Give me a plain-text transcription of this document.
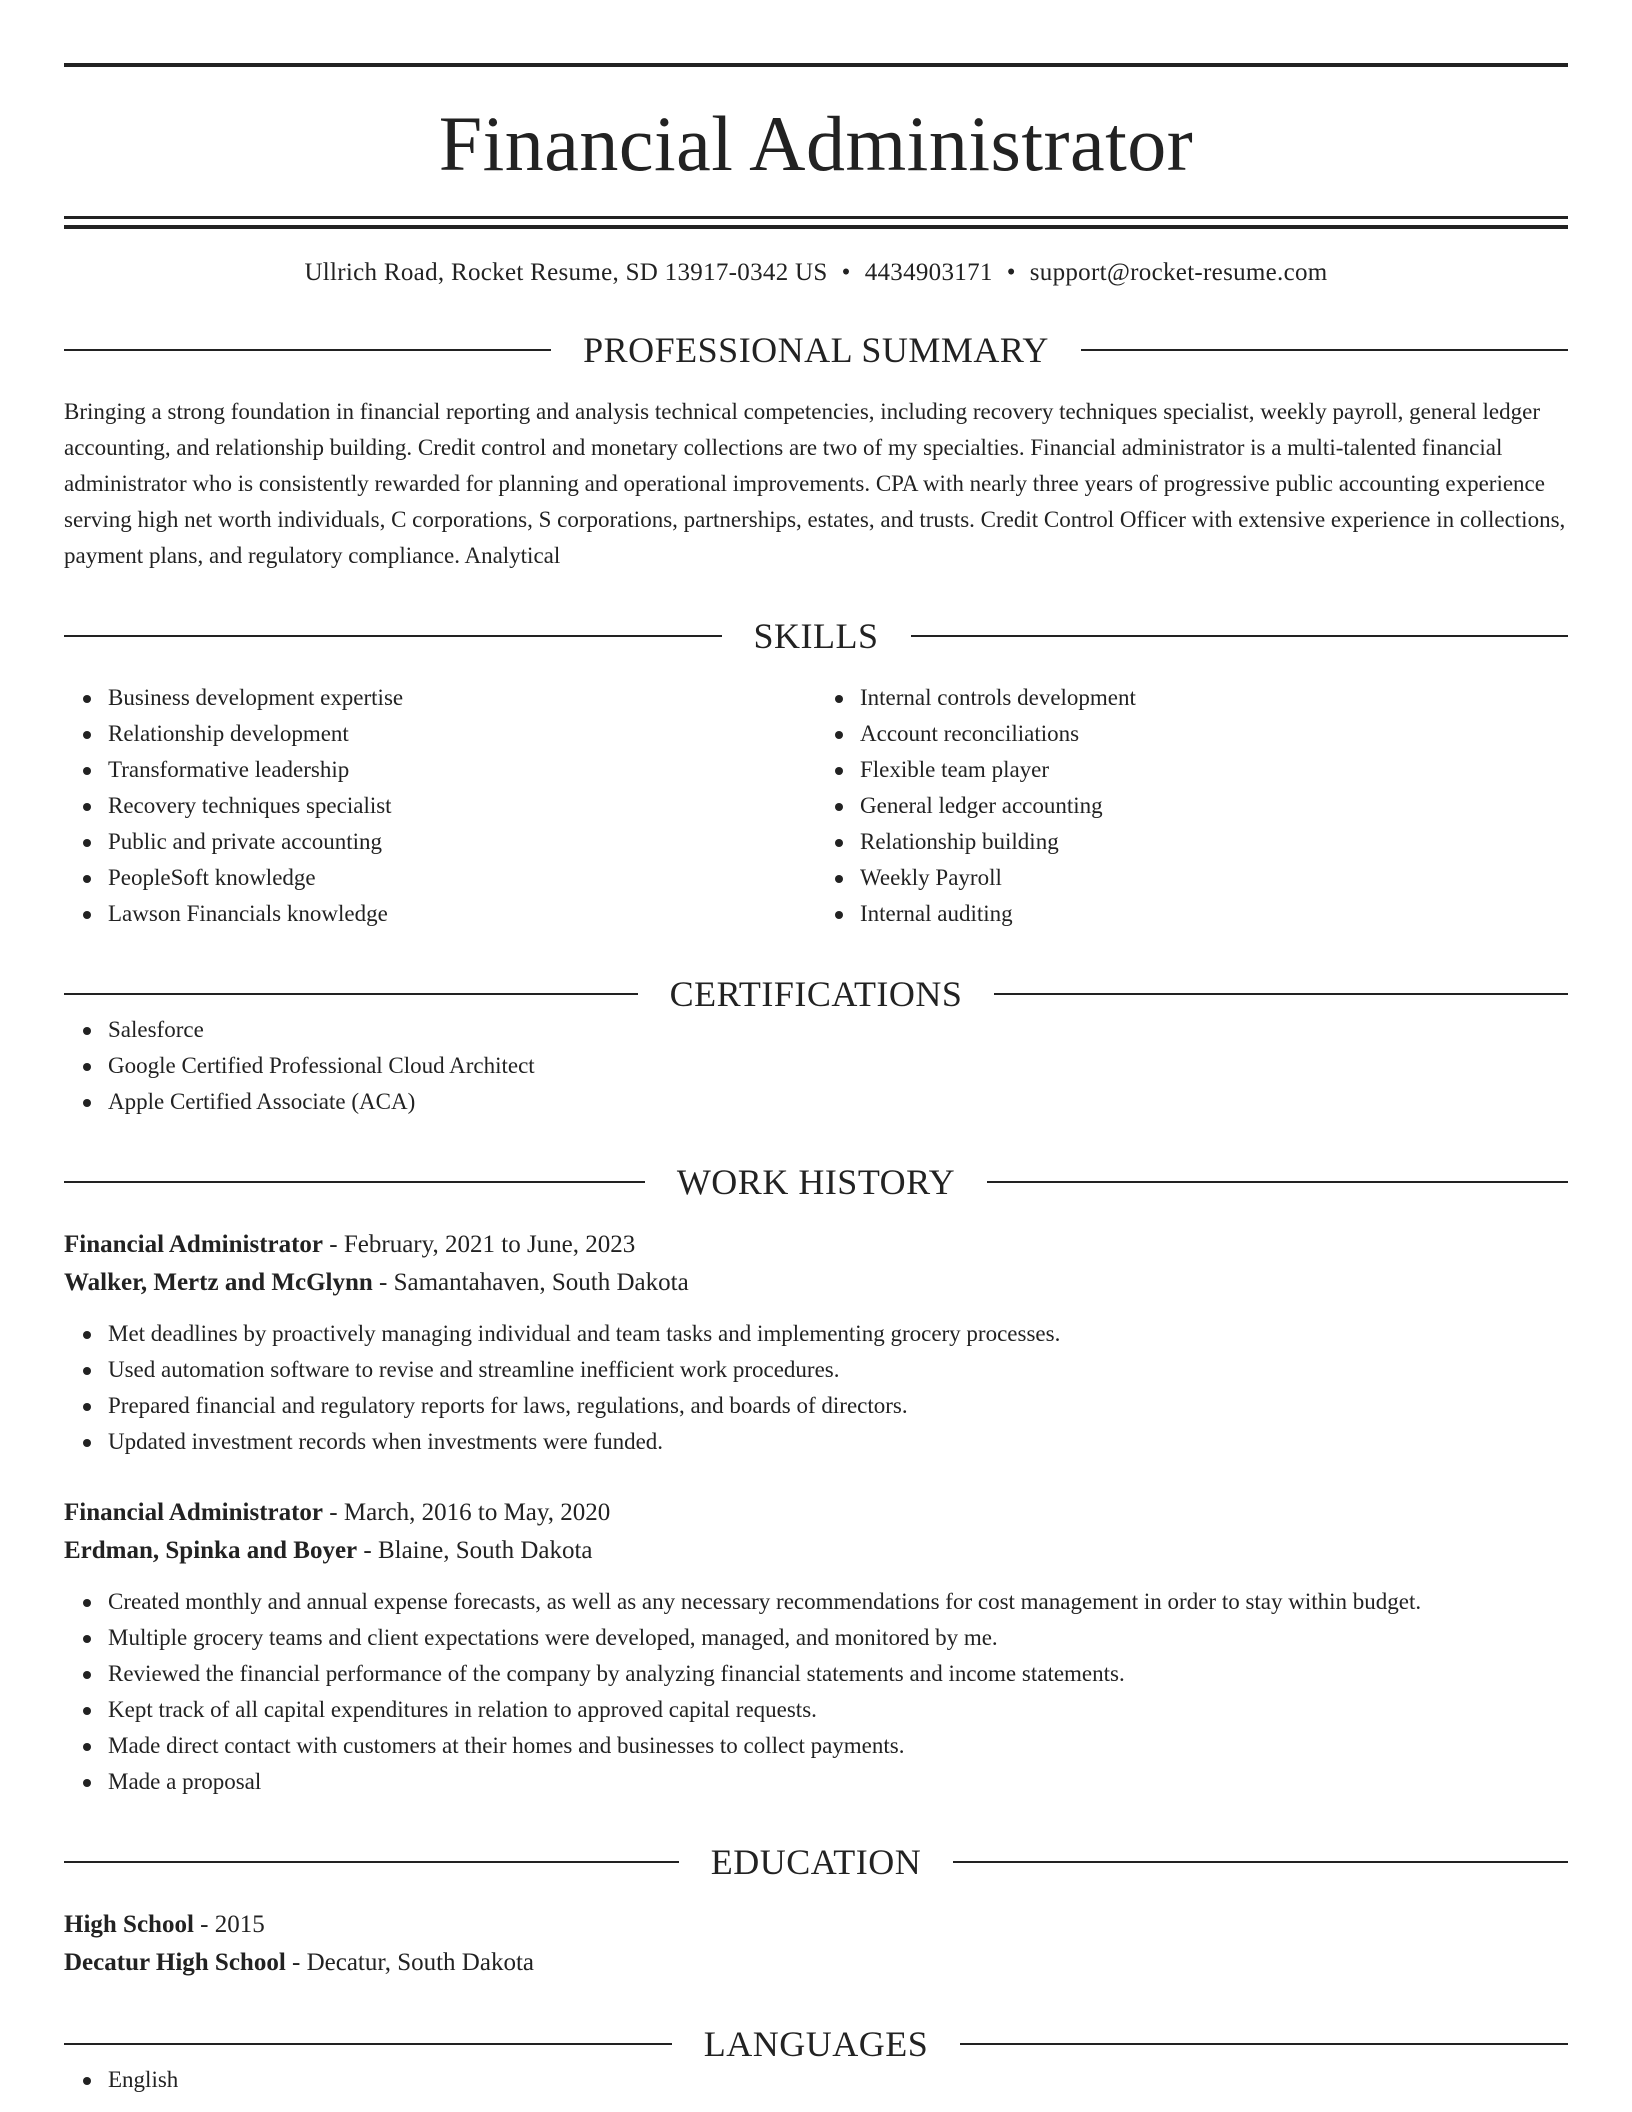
Financial Administrator
Ullrich Road, Rocket Resume, SD 13917-0342 US • 4434903171 • support@rocket-resume.com
PROFESSIONAL SUMMARY
Bringing a strong foundation in financial reporting and analysis technical competencies, including recovery techniques specialist, weekly payroll, general ledger accounting, and relationship building. Credit control and monetary collections are two of my specialties. Financial administrator is a multi-talented financial administrator who is consistently rewarded for planning and operational improvements. CPA with nearly three years of progressive public accounting experience serving high net worth individuals, C corporations, S corporations, partnerships, estates, and trusts. Credit Control Officer with extensive experience in collections, payment plans, and regulatory compliance. Analytical
SKILLS
Business development expertise
Relationship development
Transformative leadership
Recovery techniques specialist
Public and private accounting
PeopleSoft knowledge
Lawson Financials knowledge
Internal controls development
Account reconciliations
Flexible team player
General ledger accounting
Relationship building
Weekly Payroll
Internal auditing
CERTIFICATIONS
Salesforce
Google Certified Professional Cloud Architect
Apple Certified Associate (ACA)
WORK HISTORY
Financial Administrator - February, 2021 to June, 2023
Walker, Mertz and McGlynn - Samantahaven, South Dakota
Met deadlines by proactively managing individual and team tasks and implementing grocery processes.
Used automation software to revise and streamline inefficient work procedures.
Prepared financial and regulatory reports for laws, regulations, and boards of directors.
Updated investment records when investments were funded.
Financial Administrator - March, 2016 to May, 2020
Erdman, Spinka and Boyer - Blaine, South Dakota
Created monthly and annual expense forecasts, as well as any necessary recommendations for cost management in order to stay within budget.
Multiple grocery teams and client expectations were developed, managed, and monitored by me.
Reviewed the financial performance of the company by analyzing financial statements and income statements.
Kept track of all capital expenditures in relation to approved capital requests.
Made direct contact with customers at their homes and businesses to collect payments.
Made a proposal
EDUCATION
High School - 2015
Decatur High School - Decatur, South Dakota
LANGUAGES
English
